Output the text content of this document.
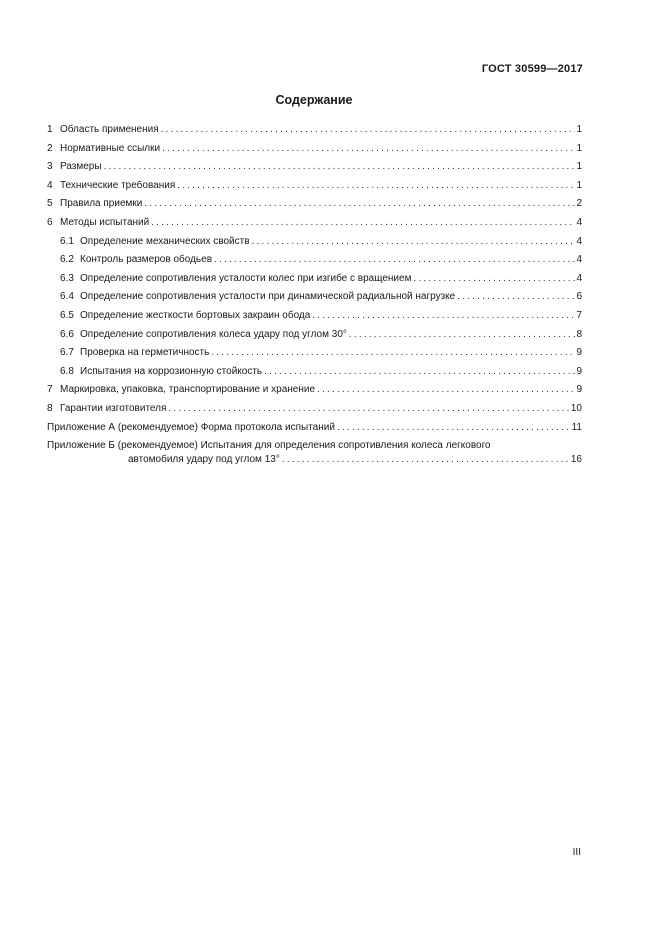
ГОСТ 30599—2017
Содержание
1 Область применения .....	1
2 Нормативные ссылки .....	1
3 Размеры .....	1
4 Технические требования .....	1
5 Правила приемки .....	2
6 Методы испытаний .....	4
6.1 Определение механических свойств .....	4
6.2 Контроль размеров ободьев .....	4
6.3 Определение сопротивления усталости колес при изгибе с вращением .....	4
6.4 Определение сопротивления усталости при динамической радиальной нагрузке .....	6
6.5 Определение жесткости бортовых закраин обода .....	7
6.6 Определение сопротивления колеса удару под углом 30° .....	8
6.7 Проверка на герметичность .....	9
6.8 Испытания на коррозионную стойкость .....	9
7 Маркировка, упаковка, транспортирование и хранение .....	9
8 Гарантии изготовителя .....	10
Приложение А (рекомендуемое) Форма протокола испытаний .....	11
Приложение Б (рекомендуемое) Испытания для определения сопротивления колеса легкового
автомобиля удару под углом 13° .....	16
III
